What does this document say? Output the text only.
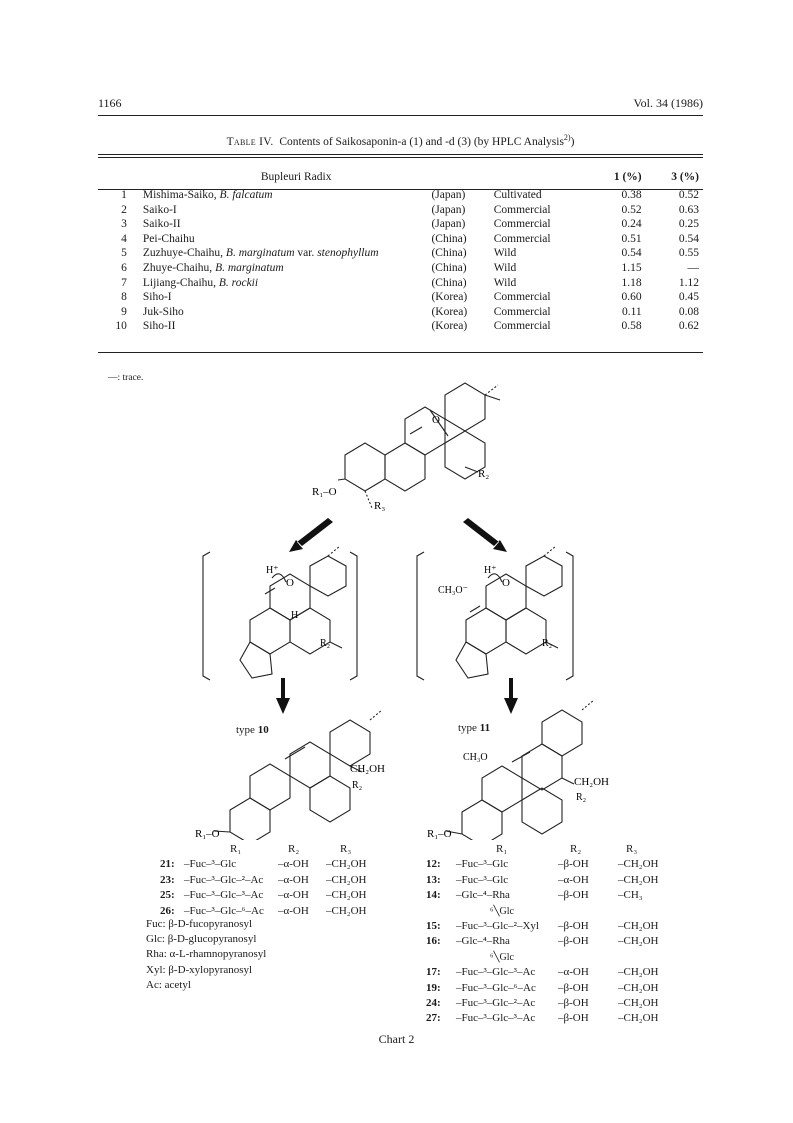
1166	Vol. 34 (1986)
Table IV. Contents of Saikosaponin-a (1) and -d (3) (by HPLC Analysis$^{2)}$)
	Bupleuri Radix			1 (%)	3 (%)
1	Mishima-Saiko, B. falcatum	(Japan)	Cultivated	0.38	0.52
2	Saiko-I	(Japan)	Commercial	0.52	0.63
3	Saiko-II	(Japan)	Commercial	0.24	0.25
4	Pei-Chaihu	(China)	Commercial	0.51	0.54
5	Zuzhuye-Chaihu, B. marginatum var. stenophyllum	(China)	Wild	0.54	0.55
6	Zhuye-Chaihu, B. marginatum	(China)	Wild	1.15	—
7	Lijiang-Chaihu, B. rockii	(China)	Wild	1.18	1.12
8	Siho-I	(Korea)	Commercial	0.60	0.45
9	Juk-Siho	(Korea)	Commercial	0.11	0.08
10	Siho-II	(Korea)	Commercial	0.58	0.62
—: trace.
O
R₂
R₁–O
R₃
H⁺
O
H
R₂
CH₃O⁻
H⁺
O
R₂
R₁–O
CH₂OH
R₂
CH₃O
R₁–O
CH₂OH
R₂
type 10	type 11
R₁	R₂	R₃
21: –Fuc–³–Glc	–α-OH –CH₂OH
23: –Fuc–³–Glc–²–Ac –α-OH –CH₂OH
25: –Fuc–³–Glc–³–Ac –α-OH –CH₂OH
26: –Fuc–³–Glc–⁶–Ac –α-OH –CH₂OH
R₁	R₂	R₃
12: –Fuc–³–Glc	–β-OH	–CH₂OH
13: –Fuc–³–Glc	–α-OH	–CH₂OH
14: –Glc–⁴–Rha	–β-OH	–CH₃
⁶╲Glc
15: –Fuc–³–Glc–²–Xyl –β-OH	–CH₂OH
16: –Glc–⁴–Rha	–β-OH	–CH₂OH
⁶╲Glc
17: –Fuc–³–Glc–³–Ac –α-OH	–CH₂OH
19: –Fuc–³–Glc–⁶–Ac –β-OH	–CH₂OH
24: –Fuc–³–Glc–²–Ac –β-OH	–CH₂OH
27: –Fuc–³–Glc–³–Ac –β-OH	–CH₂OH
Fuc: β-D-fucopyranosyl
Glc: β-D-glucopyranosyl
Rha: α-L-rhamnopyranosyl
Xyl: β-D-xylopyranosyl
Ac: acetyl
Chart 2
